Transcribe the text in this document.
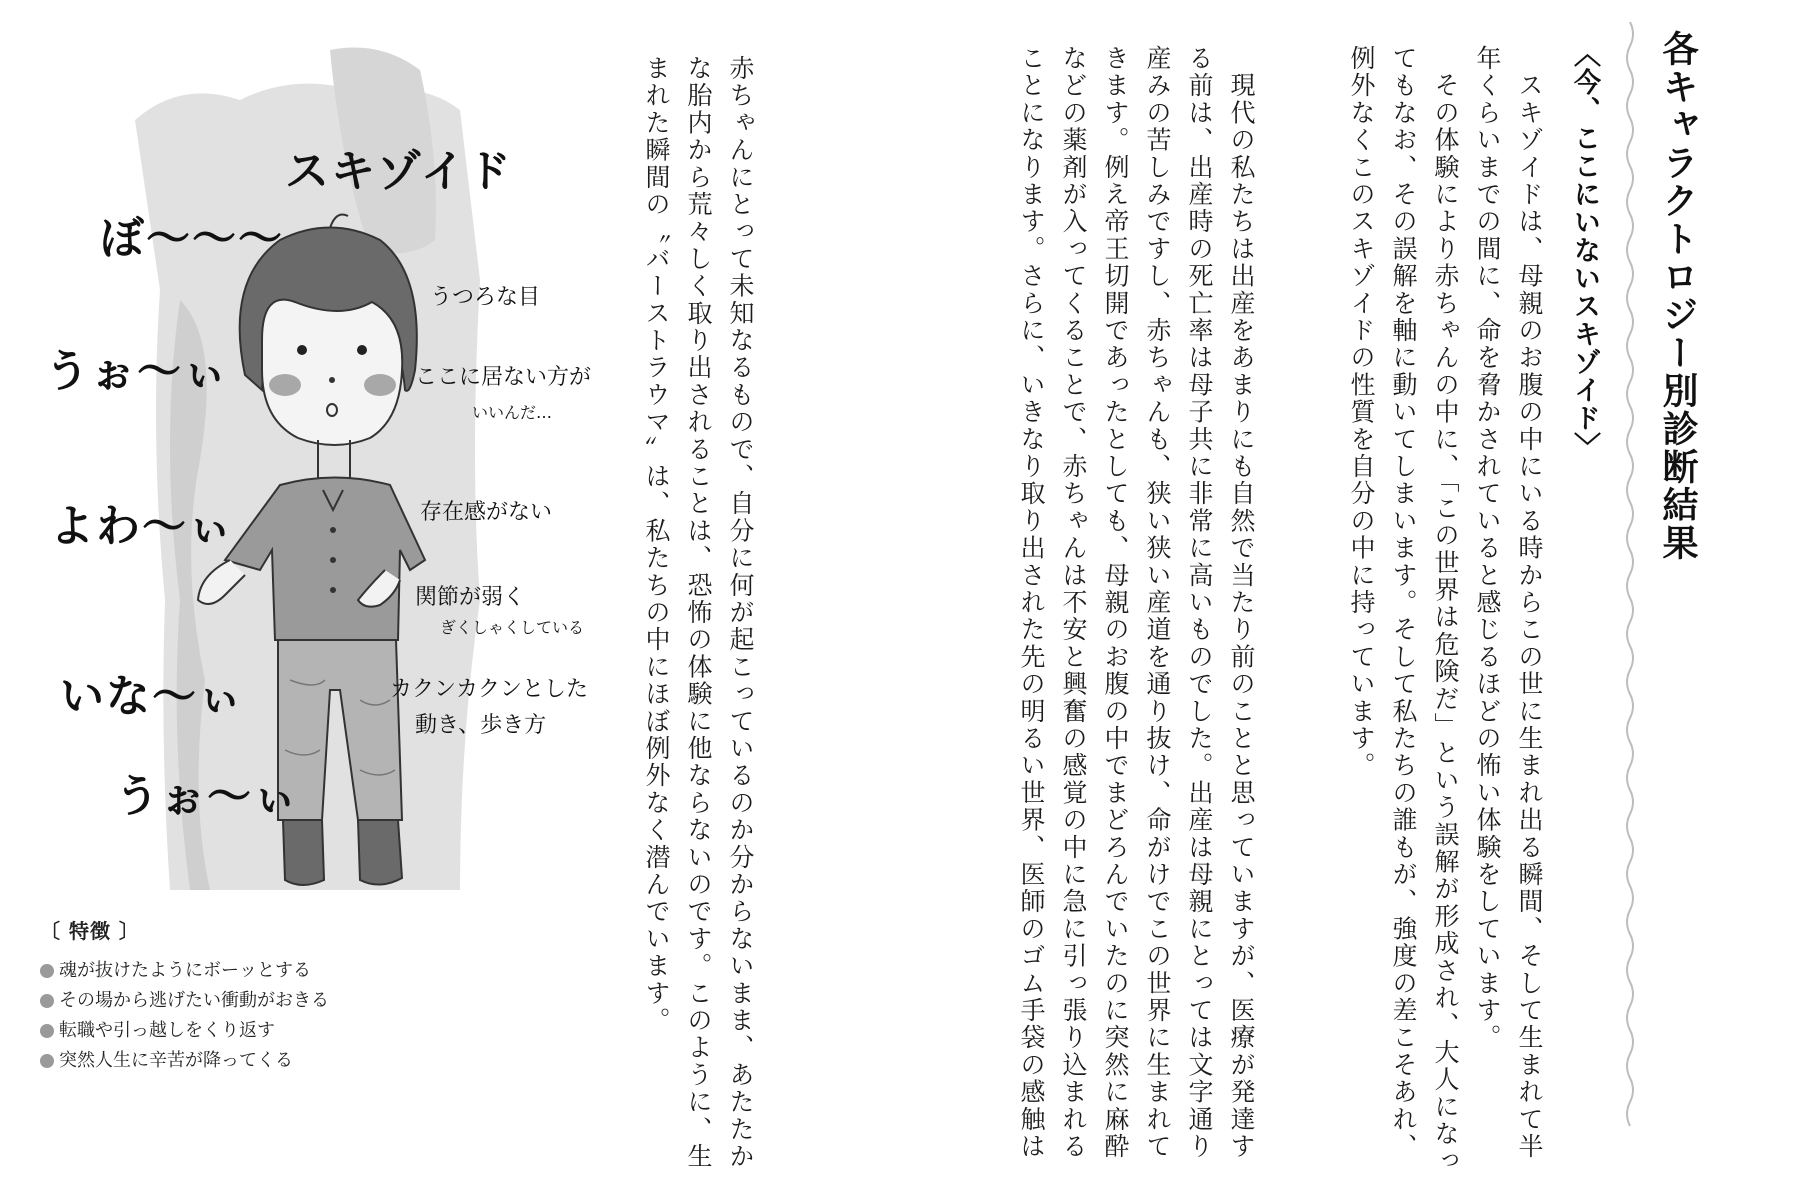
各キャラクトロジー別診断結果
〈今、ここにいないスキゾイド〉
　スキゾイドは、母親のお腹の中にいる時からこの世に生まれ出る瞬間、そして生まれて半
年くらいまでの間に、命を脅かされていると感じるほどの怖い体験をしています。
　その体験により赤ちゃんの中に、「この世界は危険だ」という誤解が形成され、大人になっ
てもなお、その誤解を軸に動いてしまいます。そして私たちの誰もが、強度の差こそあれ、
例外なくこのスキゾイドの性質を自分の中に持っています。
　現代の私たちは出産をあまりにも自然で当たり前のことと思っていますが、医療が発達す
る前は、出産時の死亡率は母子共に非常に高いものでした。出産は母親にとっては文字通り
産みの苦しみですし、赤ちゃんも、狭い狭い産道を通り抜け、命がけでこの世界に生まれて
きます。例え帝王切開であったとしても、母親のお腹の中でまどろんでいたのに突然に麻酔
などの薬剤が入ってくることで、赤ちゃんは不安と興奮の感覚の中に急に引っ張り込まれる
ことになります。さらに、いきなり取り出された先の明るい世界、医師のゴム手袋の感触は
赤ちゃんにとって未知なるもので、自分に何が起こっているのか分からないまま、あたたか
な胎内から荒々しく取り出されることは、恐怖の体験に他ならないのです。このように、生
まれた瞬間の〝バーストラウマ〟は、私たちの中にほぼ例外なく潜んでいます。
スキゾイド
ぼ〜〜〜
うぉ〜ぃ
よわ〜ぃ
いな〜ぃ
うぉ〜ぃ
うつろな目
ここに居ない方が
いいんだ…
存在感がない
関節が弱く
ぎくしゃくしている
カクンカクンとした
動き、歩き方
〔 特徴 〕
魂が抜けたようにボーッとする
その場から逃げたい衝動がおきる
転職や引っ越しをくり返す
突然人生に辛苦が降ってくる
